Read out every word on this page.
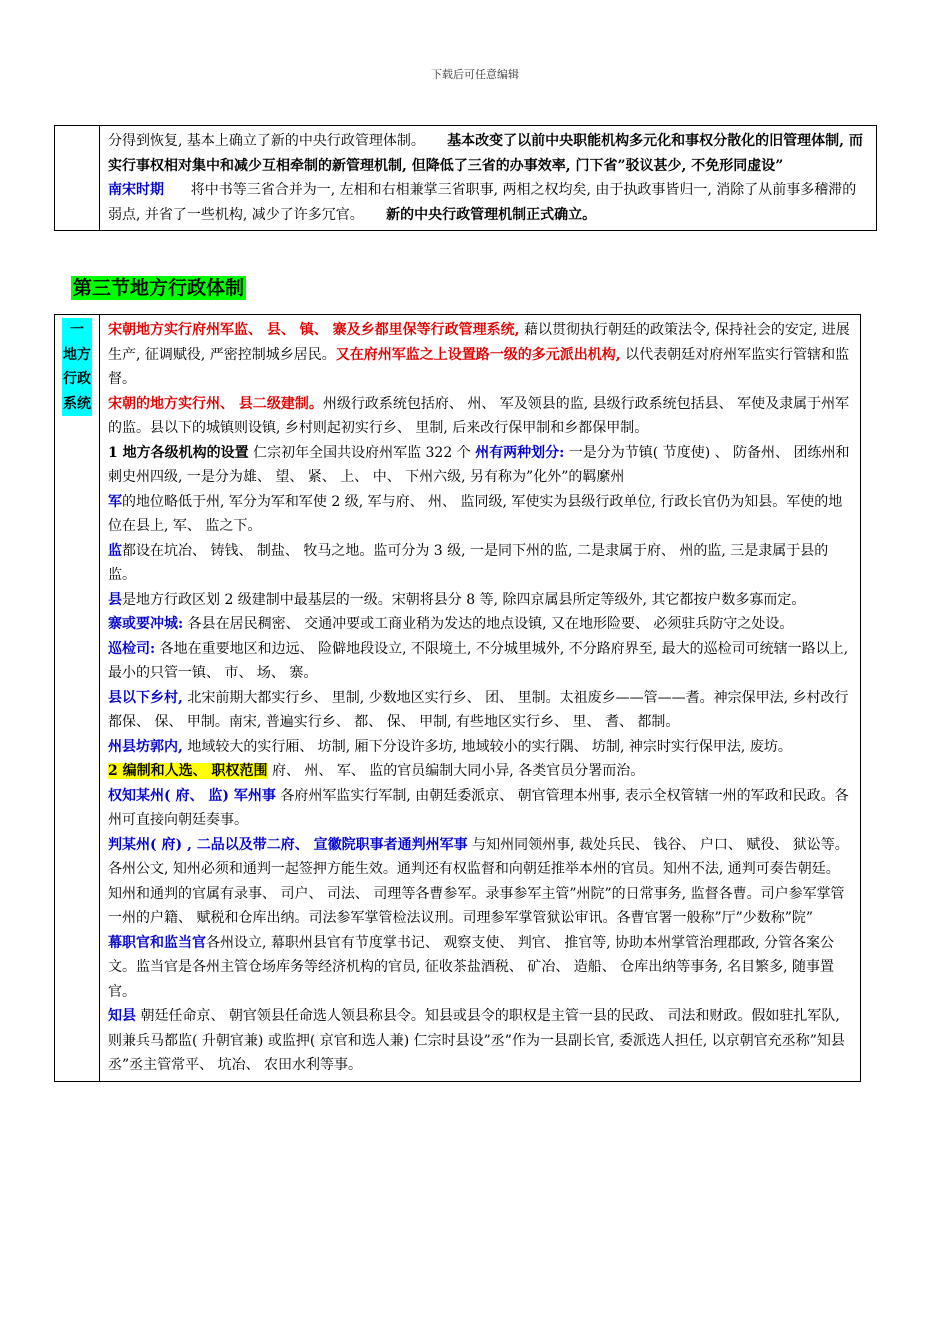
下载后可任意编辑

分得到恢复, 基本上确立了新的中央行政管理体制。 基本改变了以前中央职能机构多元化和事权分散化的旧管理体制, 而实行事权相对集中和减少互相牵制的新管理机制, 但降低了三省的办事效率, 门下省”驳议甚少, 不免形同虚设”

南宋时期 将中书等三省合并为一, 左相和右相兼掌三省职事, 两相之权均矣, 由于执政事皆归一, 消除了从前事多稽滞的弱点, 并省了一些机构, 减少了许多冗官。 新的中央行政管理机制正式确立。

第三节地方行政体制
一
地方
行政
系统	

宋朝地方实行府州军监、 县、 镇、 寨及乡都里保等行政管理系统, 藉以贯彻执行朝廷的政策法令, 保持社会的安定, 进展生产, 征调赋役, 严密控制城乡居民。又在府州军监之上设置路一级的多元派出机构, 以代表朝廷对府州军监实行管辖和监督。

宋朝的地方实行州、 县二级建制。州级行政系统包括府、 州、 军及领县的监, 县级行政系统包括县、 军使及隶属于州军的监。县以下的城镇则设镇, 乡村则起初实行乡、 里制, 后来改行保甲制和乡都保甲制。

1 地方各级机构的设置 仁宗初年全国共设府州军监 322 个 州有两种划分: 一是分为节镇( 节度使) 、 防备州、 团练州和刺史州四级, 一是分为雄、 望、 紧、 上、 中、 下州六级, 另有称为”化外”的羁縻州

军的地位略低于州, 军分为军和军使 2 级, 军与府、 州、 监同级, 军使实为县级行政单位, 行政长官仍为知县。军使的地位在县上, 军、 监之下。

监都设在坑冶、 铸钱、 制盐、 牧马之地。监可分为 3 级, 一是同下州的监, 二是隶属于府、 州的监, 三是隶属于县的监。

县是地方行政区划 2 级建制中最基层的一级。宋朝将县分 8 等, 除四京属县所定等级外, 其它都按户数多寡而定。

寨或要冲城: 各县在居民稠密、 交通冲要或工商业稍为发达的地点设镇, 又在地形险要、 必须驻兵防守之处设。

巡检司: 各地在重要地区和边远、 险僻地段设立, 不限境土, 不分城里城外, 不分路府界至, 最大的巡检司可统辖一路以上, 最小的只管一镇、 市、 场、 寨。

县以下乡村, 北宋前期大都实行乡、 里制, 少数地区实行乡、 团、 里制。太祖废乡——管——耆。神宗保甲法, 乡村改行都保、 保、 甲制。南宋, 普遍实行乡、 都、 保、 甲制, 有些地区实行乡、 里、 耆、 都制。

州县坊郭内, 地域较大的实行厢、 坊制, 厢下分设许多坊, 地域较小的实行隅、 坊制, 神宗时实行保甲法, 废坊。

2 编制和人选、 职权范围 府、 州、 军、 监的官员编制大同小异, 各类官员分署而治。

权知某州( 府、 监) 军州事 各府州军监实行军制, 由朝廷委派京、 朝官管理本州事, 表示全权管辖一州的军政和民政。各州可直接向朝廷奏事。

判某州( 府) , 二品以及带二府、 宣徽院职事者通判州军事 与知州同领州事, 裁处兵民、 钱谷、 户口、 赋役、 狱讼等。各州公文, 知州必须和通判一起签押方能生效。通判还有权监督和向朝廷推举本州的官员。知州不法, 通判可奏告朝廷。知州和通判的官属有录事、 司户、 司法、 司理等各曹参军。录事参军主管”州院”的日常事务, 监督各曹。司户参军掌管一州的户籍、 赋税和仓库出纳。司法参军掌管检法议刑。司理参军掌管狱讼审讯。各曹官署一般称”厅”少数称”院”

幕职官和监当官各州设立, 幕职州县官有节度掌书记、 观察支使、 判官、 推官等, 协助本州掌管治理郡政, 分管各案公文。监当官是各州主管仓场库务等经济机构的官员, 征收茶盐酒税、 矿冶、 造船、 仓库出纳等事务, 名目繁多, 随事置官。

知县 朝廷任命京、 朝官领县任命选人领县称县令。知县或县令的职权是主管一县的民政、 司法和财政。假如驻扎军队, 则兼兵马都监( 升朝官兼) 或监押( 京官和选人兼) 仁宗时县设”丞”作为一县副长官, 委派选人担任, 以京朝官充丞称”知县丞”丞主管常平、 坑冶、 农田水利等事。
